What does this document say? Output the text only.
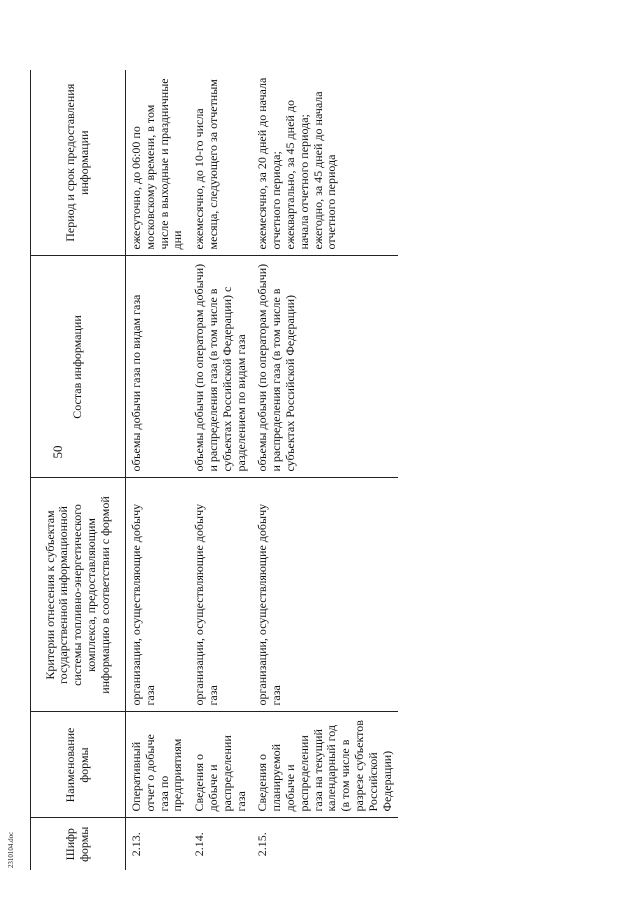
50
Шифр формы	Наименование формы	Критерии отнесения к субъектам государственной информационной системы топливно-энергетического комплекса, предоставляющим информацию в соответствии с формой	Состав информации	Период и срок предоставления информации
2.13.	Оперативный отчет о добыче газа по предприятиям	организации, осуществляющие добычу газа	объемы добычи газа по видам газа	ежесуточно, до 06:00 по московскому времени, в том числе в выходные и праздничные дни
2.14.	Сведения о добыче и распределении газа	организации, осуществляющие добычу газа	объемы добычи (по операторам добычи) и распределения газа (в том числе в субъектах Российской Федерации) с разделением по видам газа	ежемесячно, до 10-го числа месяца, следующего за отчетным
2.15.	Сведения о планируемой добыче и распределении газа на текущий календарный год (в том числе в разрезе субъектов Российской Федерации)	организации, осуществляющие добычу газа	объемы добычи (по операторам добычи) и распределения газа (в том числе в субъектах Российской Федерации)	ежемесячно, за 20 дней до начала отчетного периода; ежеквартально, за 45 дней до начала отчетного периода; ежегодно, за 45 дней до начала отчетного периода
2310104.doc
